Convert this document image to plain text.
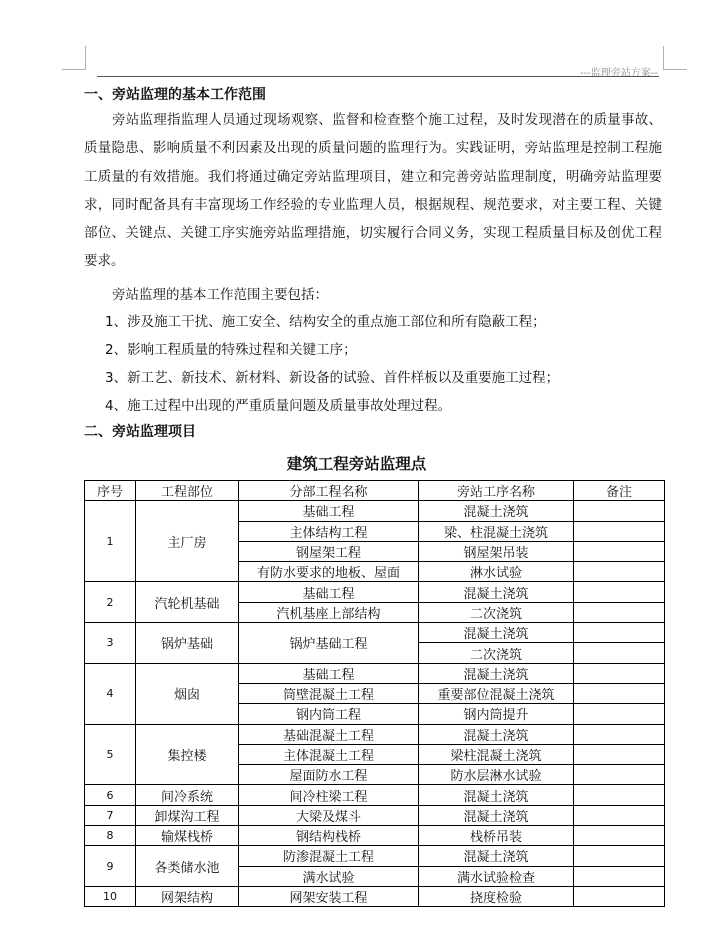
---监理旁站方案--
一、旁站监理的基本工作范围

旁站监理指监理人员通过现场观察、监督和检查整个施工过程，及时发现潜在的质量事故、质量隐患、影响质量不利因素及出现的质量问题的监理行为。实践证明，旁站监理是控制工程施工质量的有效措施。我们将通过确定旁站监理项目，建立和完善旁站监理制度，明确旁站监理要求，同时配备具有丰富现场工作经验的专业监理人员，根据规程、规范要求，对主要工程、关键部位、关键点、关键工序实施旁站监理措施，切实履行合同义务，实现工程质量目标及创优工程要求。

旁站监理的基本工作范围主要包括：
1、涉及施工干扰、施工安全、结构安全的重点施工部位和所有隐蔽工程；
2、影响工程质量的特殊过程和关键工序；
3、新工艺、新技术、新材料、新设备的试验、首件样板以及重要施工过程；
4、施工过程中出现的严重质量问题及质量事故处理过程。
二、旁站监理项目
建筑工程旁站监理点
序号	工程部位	分部工程名称	旁站工序名称	备注
1	主厂房	基础工程	混凝土浇筑	
		主体结构工程	梁、柱混凝土浇筑	
		钢屋架工程	钢屋架吊装	
		有防水要求的地板、屋面	淋水试验	
2	汽轮机基础	基础工程	混凝土浇筑	
		汽机基座上部结构	二次浇筑	
3	锅炉基础	锅炉基础工程	混凝土浇筑	
			二次浇筑	
4	烟囱	基础工程	混凝土浇筑	
		筒壁混凝土工程	重要部位混凝土浇筑	
		钢内筒工程	钢内筒提升	
5	集控楼	基础混凝土工程	混凝土浇筑	
		主体混凝土工程	梁柱混凝土浇筑	
		屋面防水工程	防水层淋水试验	
6	间冷系统	间冷柱梁工程	混凝土浇筑	
7	卸煤沟工程	大梁及煤斗	混凝土浇筑	
8	输煤栈桥	钢结构栈桥	栈桥吊装	
9	各类储水池	防渗混凝土工程	混凝土浇筑	
		满水试验	满水试验检查	
10	网架结构	网架安装工程	挠度检验	
